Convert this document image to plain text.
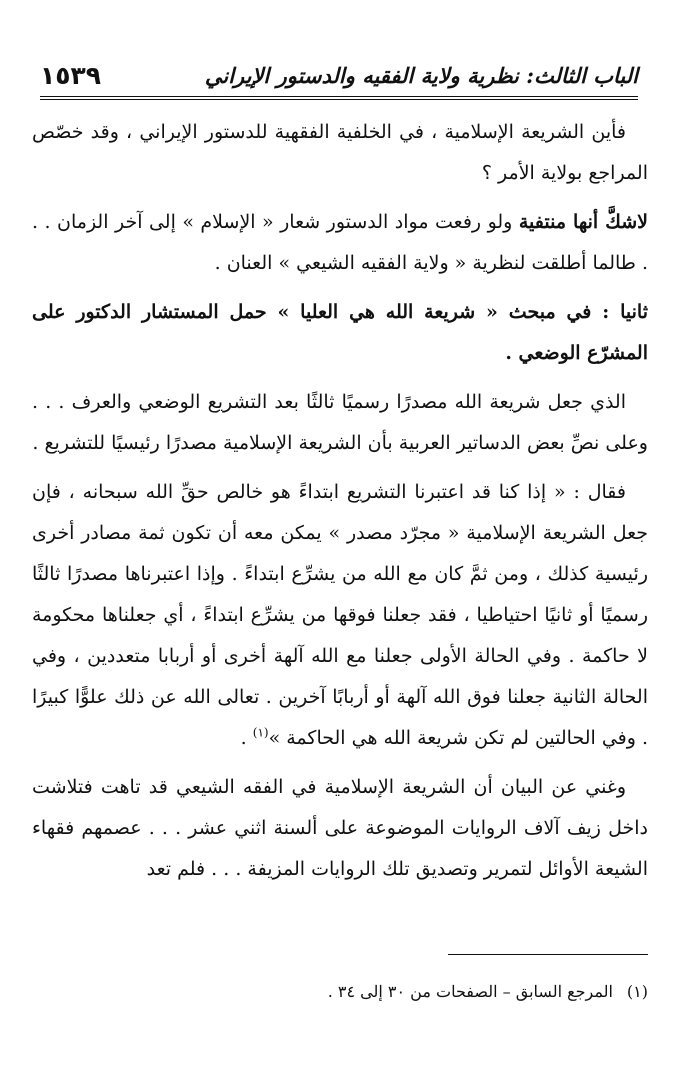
الباب الثالث: نظرية ولاية الفقيه والدستور الإيراني
١٥٣٩

فأين الشريعة الإسلامية ، في الخلفية الفقهية للدستور الإيراني ، وقد خصّص المراجع بولاية الأمر ؟

لاشكَّ أنها منتفية ولو رفعت مواد الدستور شعار « الإسلام » إلى آخر الزمان . . . طالما أطلقت لنظرية « ولاية الفقيه الشيعي » العنان .

ثانيا : في مبحث « شريعة الله هي العليا » حمل المستشار الدكتور على المشرّع الوضعي .

الذي جعل شريعة الله مصدرًا رسميًا ثالثًا بعد التشريع الوضعي والعرف . . . وعلى نصِّ بعض الدساتير العربية بأن الشريعة الإسلامية مصدرًا رئيسيًا للتشريع .

فقال : « إذا كنا قد اعتبرنا التشريع ابتداءً هو خالص حقِّ الله سبحانه ، فإن جعل الشريعة الإسلامية « مجرّد مصدر » يمكن معه أن تكون ثمة مصادر أخرى رئيسية كذلك ، ومن ثمَّ كان مع الله من يشرِّع ابتداءً . وإذا اعتبرناها مصدرًا ثالثًا رسميًا أو ثانيًا احتياطيا ، فقد جعلنا فوقها من يشرِّع ابتداءً ، أي جعلناها محكومة لا حاكمة . وفي الحالة الأولى جعلنا مع الله آلهة أخرى أو أربابا متعددين ، وفي الحالة الثانية جعلنا فوق الله آلهة أو أربابًا آخرين . تعالى الله عن ذلك علوًّا كبيرًا . وفي الحالتين لم تكن شريعة الله هي الحاكمة »$^{(١)}$ .

وغني عن البيان أن الشريعة الإسلامية في الفقه الشيعي قد تاهت فتلاشت داخل زيف آلاف الروايات الموضوعة على ألسنة اثني عشر . . . عصمهم فقهاء الشيعة الأوائل لتمرير وتصديق تلك الروايات المزيفة . . . فلم تعد

(١)المرجع السابق – الصفحات من ٣٠ إلى ٣٤ .
